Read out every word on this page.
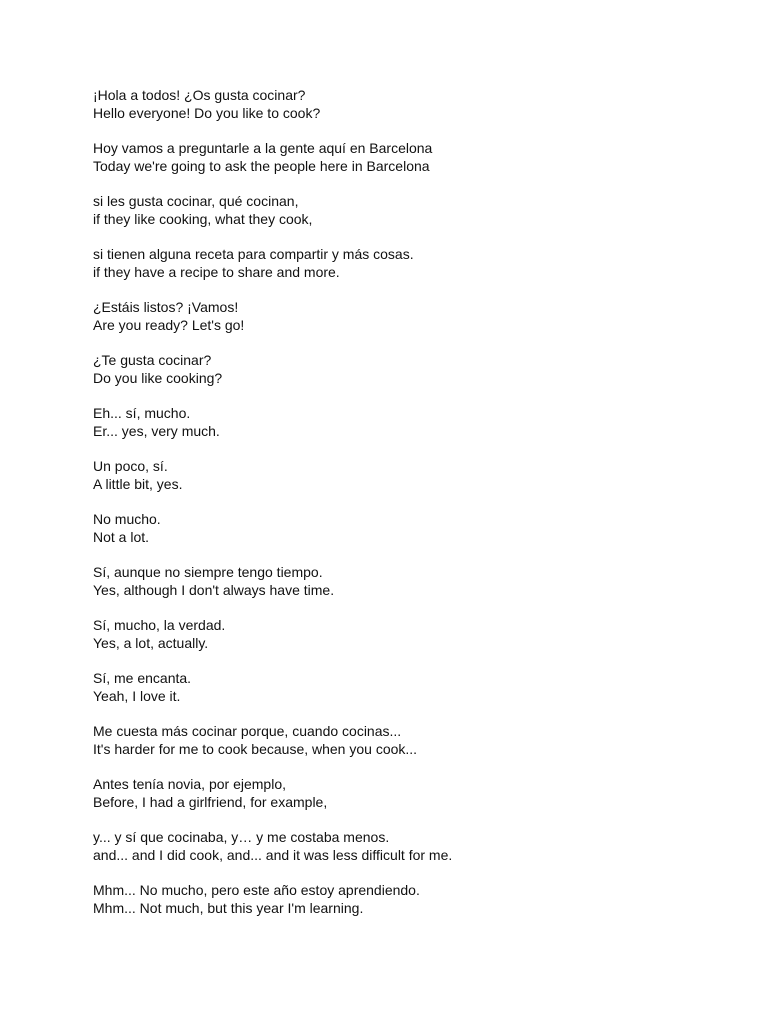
¡Hola a todos! ¿Os gusta cocinar?
Hello everyone! Do you like to cook?
Hoy vamos a preguntarle a la gente aquí en Barcelona
Today we're going to ask the people here in Barcelona
si les gusta cocinar, qué cocinan,
if they like cooking, what they cook,
si tienen alguna receta para compartir y más cosas.
if they have a recipe to share and more.
¿Estáis listos? ¡Vamos!
Are you ready? Let's go!
¿Te gusta cocinar?
Do you like cooking?
Eh... sí, mucho.
Er... yes, very much.
Un poco, sí.
A little bit, yes.
No mucho.
Not a lot.
Sí, aunque no siempre tengo tiempo.
Yes, although I don't always have time.
Sí, mucho, la verdad.
Yes, a lot, actually.
Sí, me encanta.
Yeah, I love it.
Me cuesta más cocinar porque, cuando cocinas...
It's harder for me to cook because, when you cook...
Antes tenía novia, por ejemplo,
Before, I had a girlfriend, for example,
y... y sí que cocinaba, y… y me costaba menos.
and... and I did cook, and... and it was less difficult for me.
Mhm... No mucho, pero este año estoy aprendiendo.
Mhm... Not much, but this year I'm learning.
